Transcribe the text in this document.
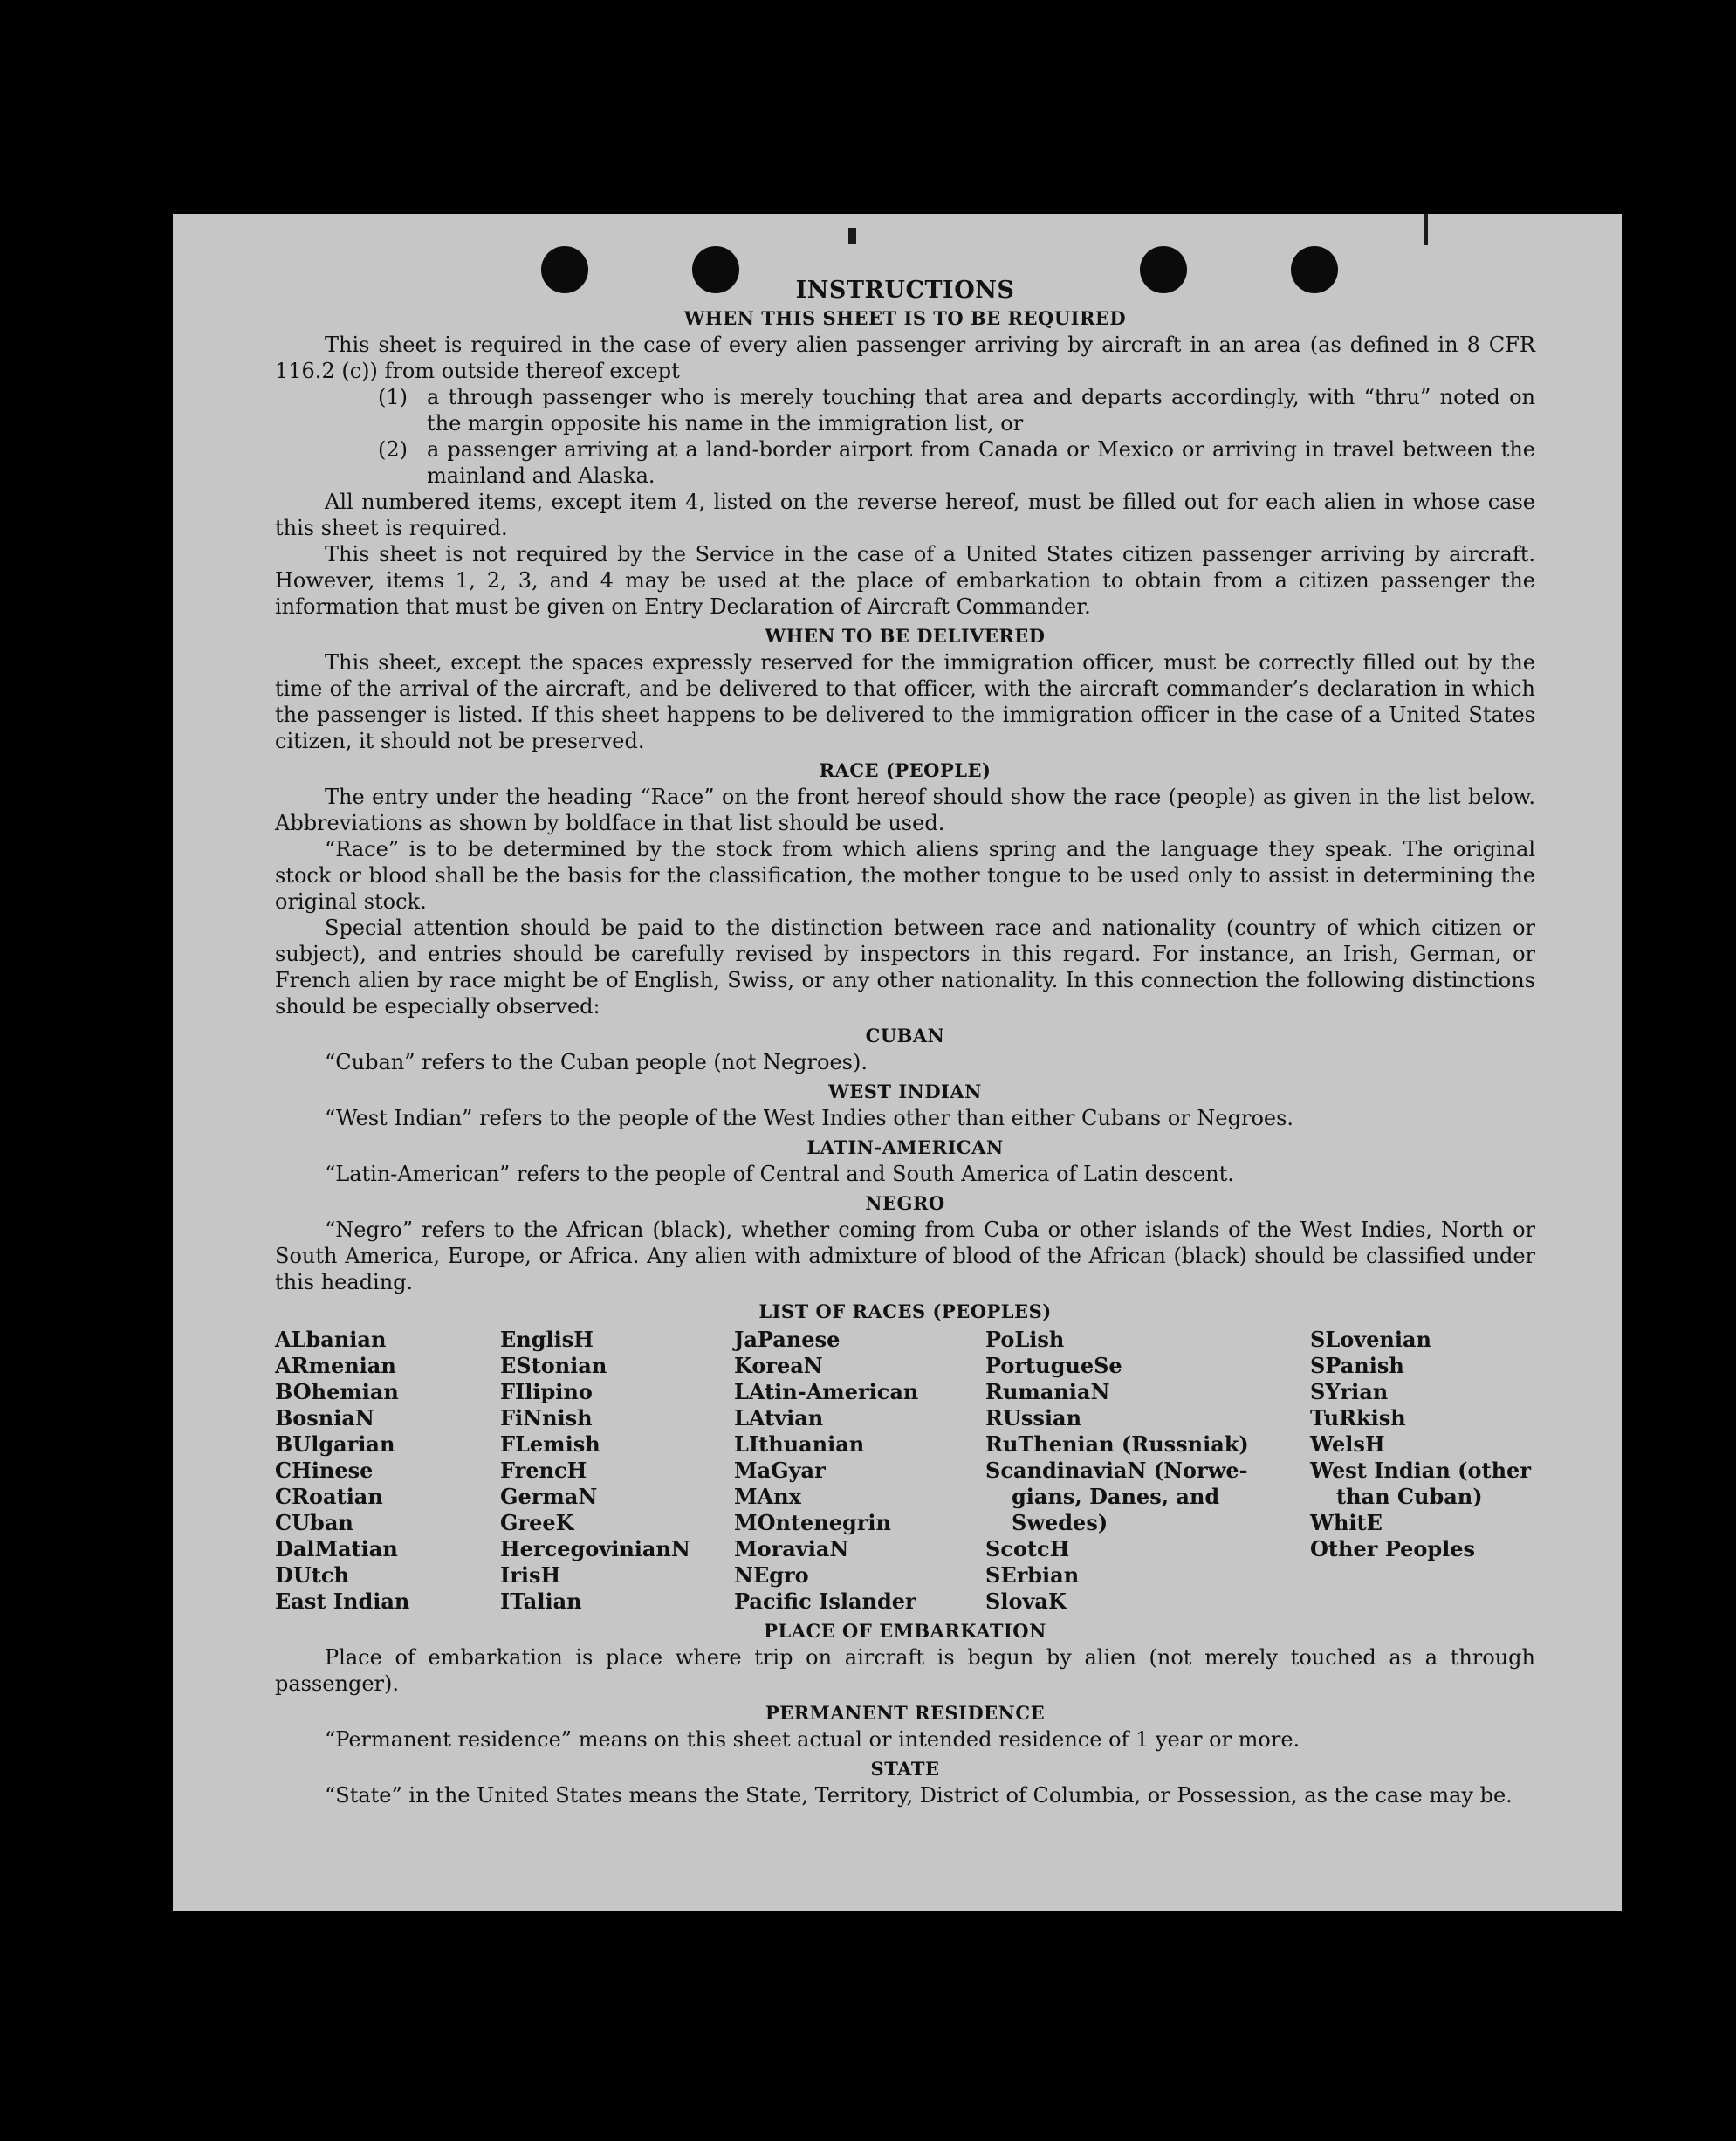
INSTRUCTIONS
WHEN THIS SHEET IS TO BE REQUIRED

This sheet is required in the case of every alien passenger arriving by aircraft in an area (as defined in 8 CFR 116.2 (c)) from outside thereof except

(1) a through passenger who is merely touching that area and departs accordingly, with “thru” noted on the margin opposite his name in the immigration list, or
(2) a passenger arriving at a land-border airport from Canada or Mexico or arriving in travel between the mainland and Alaska.

All numbered items, except item 4, listed on the reverse hereof, must be filled out for each alien in whose case this sheet is required.

This sheet is not required by the Service in the case of a United States citizen passenger arriving by aircraft. However, items 1, 2, 3, and 4 may be used at the place of embarkation to obtain from a citizen passenger the information that must be given on Entry Declaration of Aircraft Commander.

WHEN TO BE DELIVERED

This sheet, except the spaces expressly reserved for the immigration officer, must be correctly filled out by the time of the arrival of the aircraft, and be delivered to that officer, with the aircraft commander’s declaration in which the passenger is listed. If this sheet happens to be delivered to the immigration officer in the case of a United States citizen, it should not be preserved.

RACE (PEOPLE)

The entry under the heading “Race” on the front hereof should show the race (people) as given in the list below. Abbreviations as shown by boldface in that list should be used.

“Race” is to be determined by the stock from which aliens spring and the language they speak. The original stock or blood shall be the basis for the classification, the mother tongue to be used only to assist in determining the original stock.

Special attention should be paid to the distinction between race and nationality (country of which citizen or subject), and entries should be carefully revised by inspectors in this regard. For instance, an Irish, German, or French alien by race might be of English, Swiss, or any other nationality. In this connection the following distinctions should be especially observed:

CUBAN

“Cuban” refers to the Cuban people (not Negroes).

WEST INDIAN

“West Indian” refers to the people of the West Indies other than either Cubans or Negroes.

LATIN-AMERICAN

“Latin-American” refers to the people of Central and South America of Latin descent.

NEGRO

“Negro” refers to the African (black), whether coming from Cuba or other islands of the West Indies, North or South America, Europe, or Africa. Any alien with admixture of blood of the African (black) should be classified under this heading.

LIST OF RACES (PEOPLES)
ALbanian
ARmenian
BOhemian
BosniaN
BUlgarian
CHinese
CRoatian
CUban
DalMatian
DUtch
East Indian
EnglisH
EStonian
FIlipino
FiNnish
FLemish
FrencH
GermaN
GreeK
HercegovinianN
IrisH
ITalian
JaPanese
KoreaN
LAtin-American
LAtvian
LIthuanian
MaGyar
MAnx
MOntenegrin
MoraviaN
NEgro
Pacific Islander
PoLish
PortugueSe
RumaniaN
RUssian
RuThenian (Russniak)
ScandinaviaN (Norwe-
gians, Danes, and
Swedes)
ScotcH
SErbian
SlovaK
SLovenian
SPanish
SYrian
TuRkish
WelsH
West Indian (other
than Cuban)
WhitE
Other Peoples
PLACE OF EMBARKATION

Place of embarkation is place where trip on aircraft is begun by alien (not merely touched as a through passenger).

PERMANENT RESIDENCE

“Permanent residence” means on this sheet actual or intended residence of 1 year or more.

STATE

“State” in the United States means the State, Territory, District of Columbia, or Possession, as the case may be.
